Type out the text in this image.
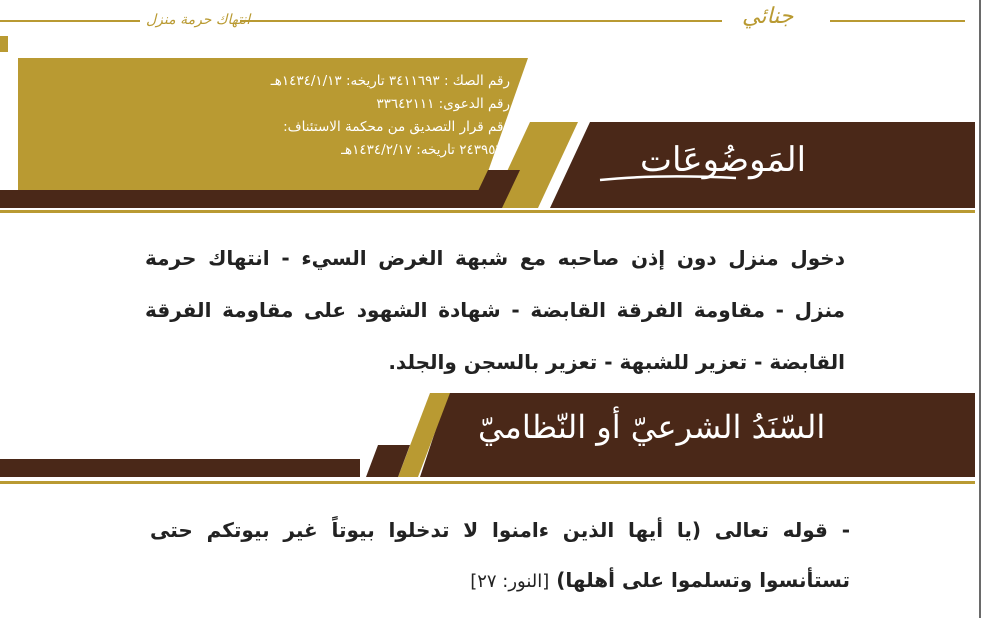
انتهاك حرمة منزل	جنائي
رقم الصك : ٣٤١١٦٩٣ تاريخه: ١٤٣٤/١/١٣هـ
رقم الدعوى: ٣٣٦٤٢١١١
رقم قرار التصديق من محكمة الاستئناف:
٢٤٣٩٥٢٤ تاريخه: ١٤٣٤/٢/١٧هـ	المَوضُوعَات
دخول منزل دون إذن صاحبه مع شبهة الغرض السيء - انتهاك حرمة منزل - مقاومة الفرقة القابضة - شهادة الشهود على مقاومة الفرقة القابضة - تعزير للشبهة - تعزير بالسجن والجلد.
السّنَدُ الشرعيّ أو النّظاميّ
- قوله تعالى (يا أيها الذين ءامنوا لا تدخلوا بيوتاً غير بيوتكم حتى تستأنسوا وتسلموا على أهلها) [النور: ٢٧]
